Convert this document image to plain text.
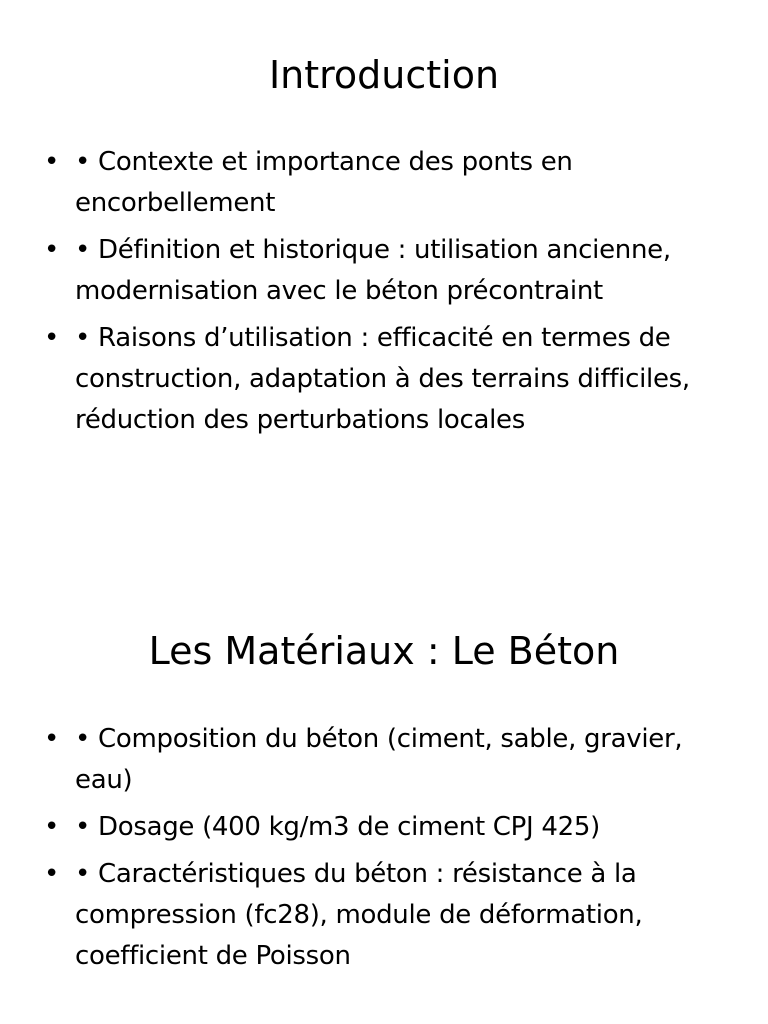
Introduction
• • Contexte et importance des ponts en encorbellement
• • Définition et historique : utilisation ancienne, modernisation avec le béton précontraint
• • Raisons d’utilisation : efficacité en termes de construction, adaptation à des terrains difficiles, réduction des perturbations locales
Les Matériaux : Le Béton
• • Composition du béton (ciment, sable, gravier, eau)
• • Dosage (400 kg/m3 de ciment CPJ 425)
• • Caractéristiques du béton : résistance à la compression (fc28), module de déformation, coefficient de Poisson
